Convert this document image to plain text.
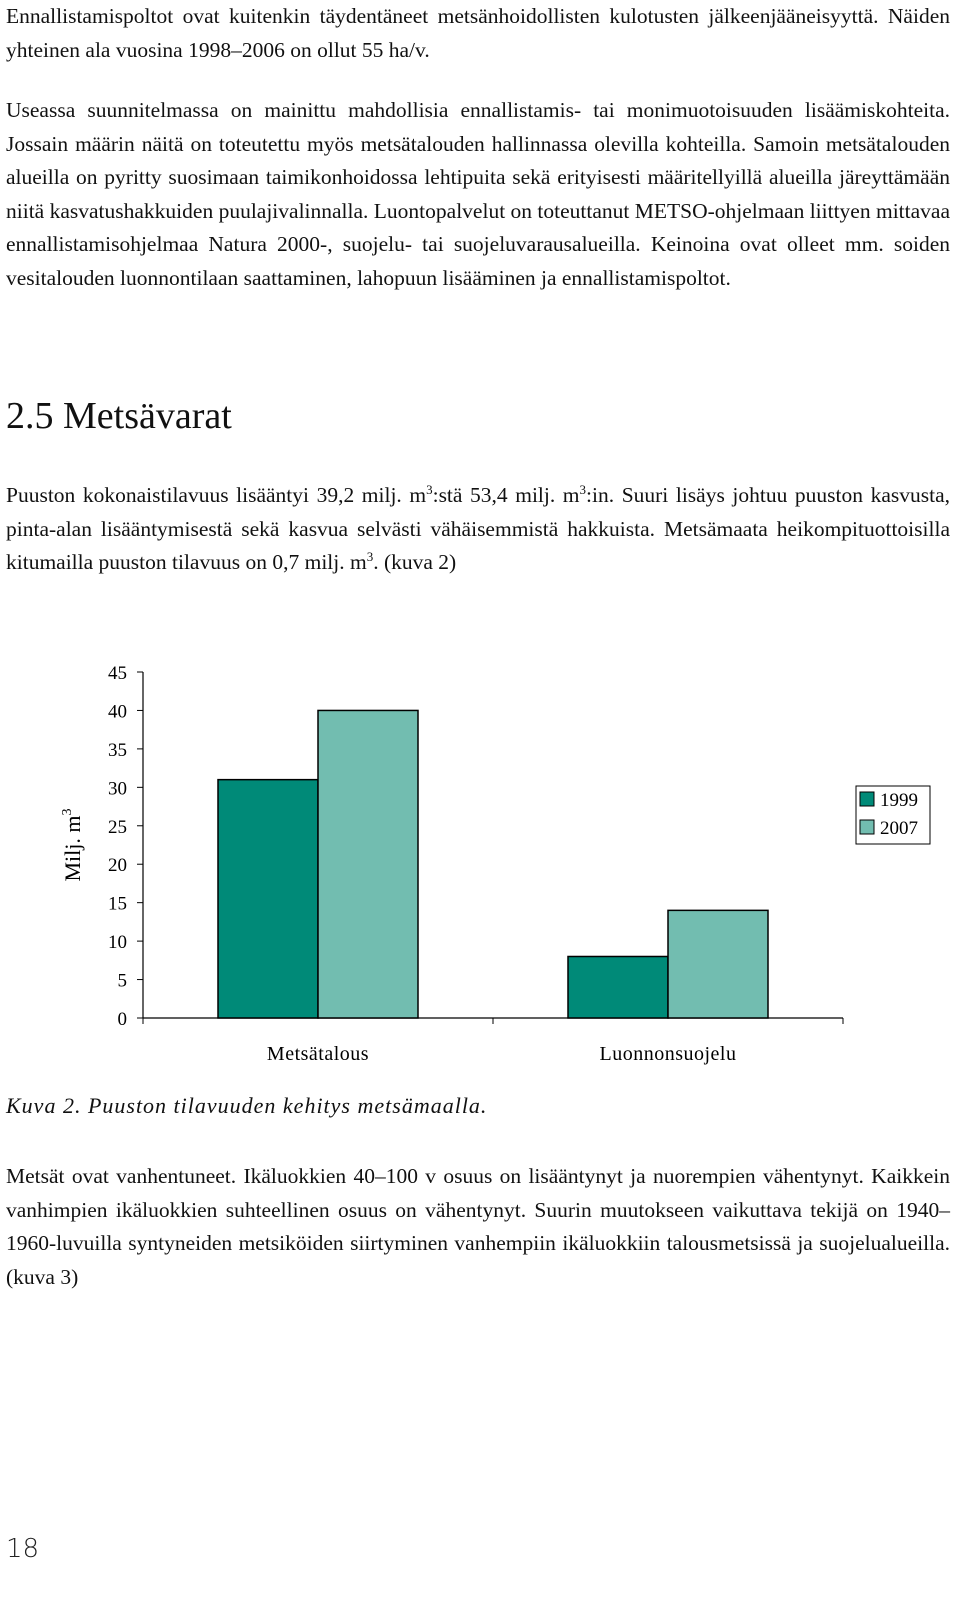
Ennallistamispoltot ovat kuitenkin täydentäneet metsänhoidollisten kulotusten jälkeenjääneisyyttä. Näiden yhteinen ala vuosina 1998–2006 on ollut 55 ha/v.

Useassa suunnitelmassa on mainittu mahdollisia ennallistamis- tai monimuotoisuuden lisäämiskohteita. Jossain määrin näitä on toteutettu myös metsätalouden hallinnassa olevilla kohteilla. Samoin metsätalouden alueilla on pyritty suosimaan taimikonhoidossa lehtipuita sekä erityisesti määritellyillä alueilla järeyttämään niitä kasvatushakkuiden puulajivalinnalla. Luontopalvelut on toteuttanut METSO-ohjelmaan liittyen mittavaa ennallistamisohjelmaa Natura 2000-, suojelu- tai suojeluvarausalueilla. Keinoina ovat olleet mm. soiden vesitalouden luonnontilaan saattaminen, lahopuun lisääminen ja ennallistamispoltot.

2.5 Metsävarat

Puuston kokonaistilavuus lisääntyi 39,2 milj. $m^3:stä$ 53,4 milj. $m^3:in$. Suuri lisäys johtuu puuston kasvusta, pinta-alan lisääntymisestä sekä kasvua selvästi vähäisemmistä hakkuista. Metsämaata heikompituottoisilla kitumailla puuston tilavuus on 0,7 milj. $m^3$. (kuva 2)

0
5
10
15
20
25
30
35
40
45
Metsätalous	Luonnonsuojelu
Milj. $m^3$
1999
2007

Kuva 2. Puuston tilavuuden kehitys metsämaalla.

Metsät ovat vanhentuneet. Ikäluokkien 40–100 v osuus on lisääntynyt ja nuorempien vähentynyt. Kaikkein vanhimpien ikäluokkien suhteellinen osuus on vähentynyt. Suurin muutokseen vaikuttava tekijä on 1940–1960-luvuilla syntyneiden metsiköiden siirtyminen vanhempiin ikäluokkiin talousmetsissä ja suojelualueilla. (kuva 3)

18
